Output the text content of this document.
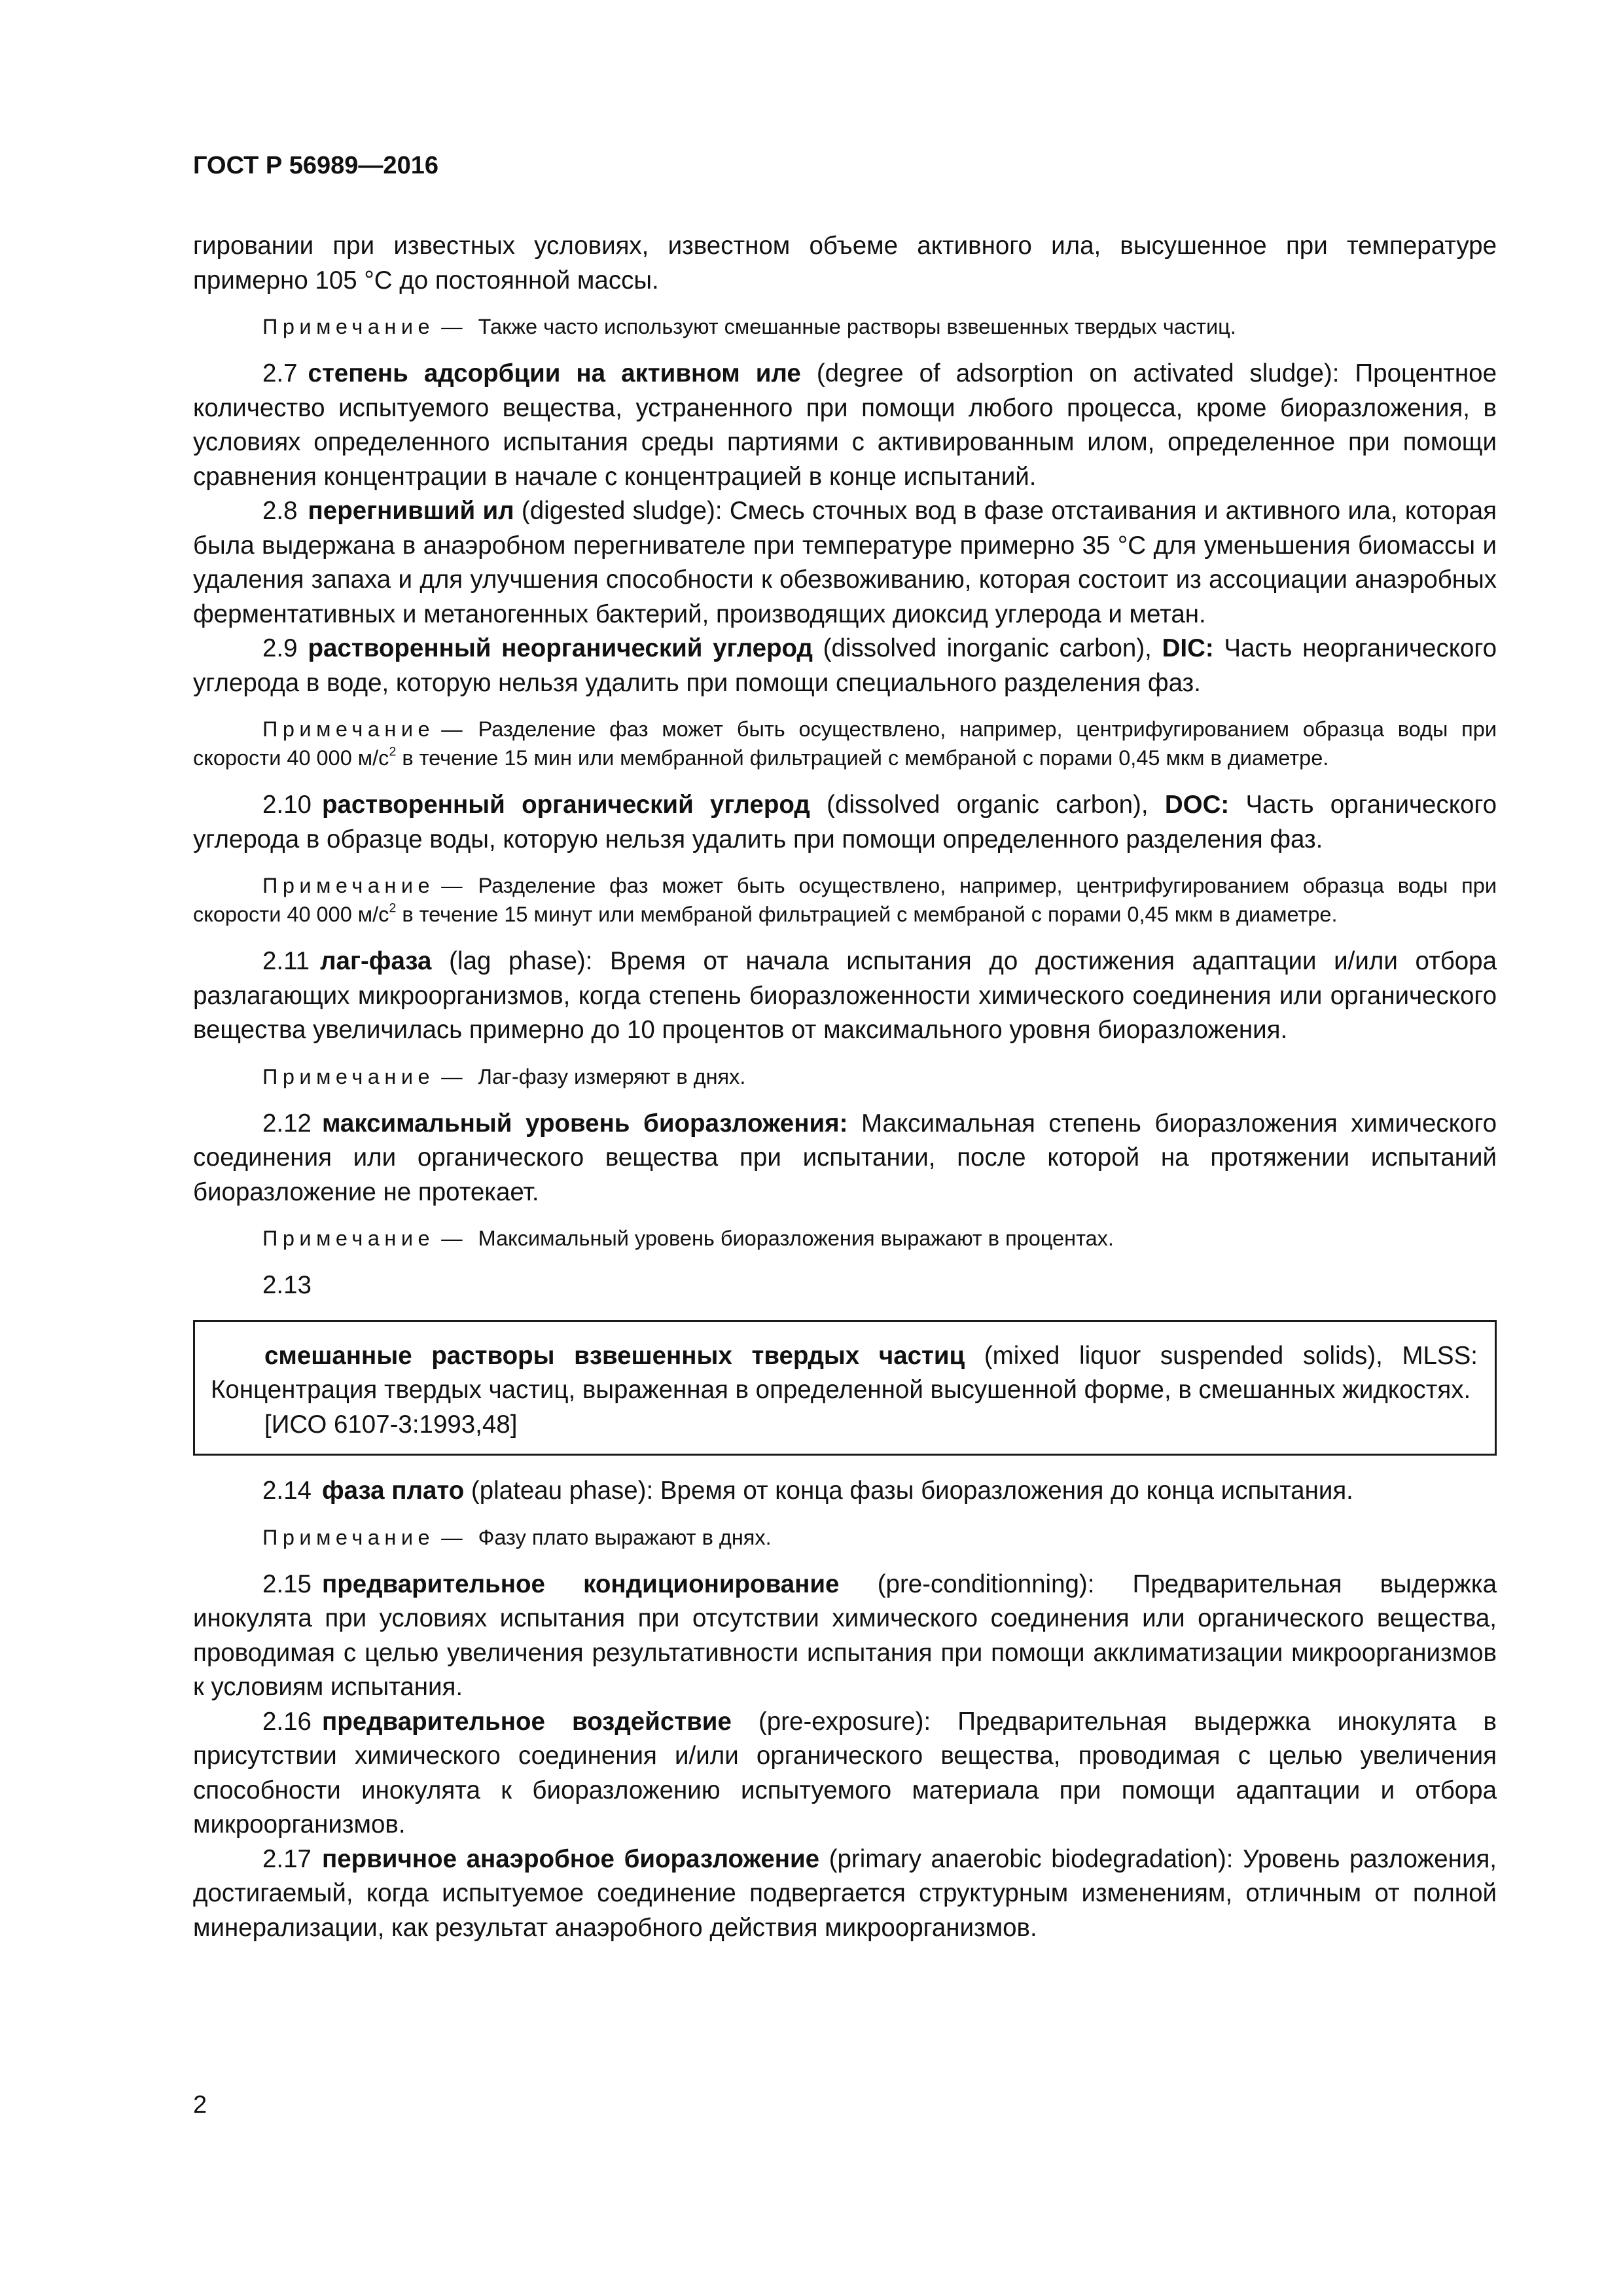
ГОСТ Р 56989—2016

гировании при известных условиях, известном объеме активного ила, высушенное при температуре примерно 105 °С до постоянной массы.

Примечание — Также часто используют смешанные растворы взвешенных твердых частиц.

2.7 степень адсорбции на активном иле (degree of adsorption on activated sludge): Процентное количество испытуемого вещества, устраненного при помощи любого процесса, кроме биоразложения, в условиях определенного испытания среды партиями с активированным илом, определенное при помощи сравнения концентрации в начале с концентрацией в конце испытаний.

2.8 перегнивший ил (digested sludge): Смесь сточных вод в фазе отстаивания и активного ила, которая была выдержана в анаэробном перегнивателе при температуре примерно 35 °С для уменьшения биомассы и удаления запаха и для улучшения способности к обезвоживанию, которая состоит из ассоциации анаэробных ферментативных и метаногенных бактерий, производящих диоксид углерода и метан.

2.9 растворенный неорганический углерод (dissolved inorganic carbon), DIC: Часть неорганического углерода в воде, которую нельзя удалить при помощи специального разделения фаз.

Примечание — Разделение фаз может быть осуществлено, например, центрифугированием образца воды при скорости 40 000 $м/с^2$ в течение 15 мин или мембранной фильтрацией с мембраной с порами 0,45 мкм в диаметре.

2.10 растворенный органический углерод (dissolved organic carbon), DOC: Часть органического углерода в образце воды, которую нельзя удалить при помощи определенного разделения фаз.

Примечание — Разделение фаз может быть осуществлено, например, центрифугированием образца воды при скорости 40 000 $м/с^2$ в течение 15 минут или мембраной фильтрацией с мембраной с порами 0,45 мкм в диаметре.

2.11 лаг-фаза (lag phase): Время от начала испытания до достижения адаптации и/или отбора разлагающих микроорганизмов, когда степень биоразложенности химического соединения или органического вещества увеличилась примерно до 10 процентов от максимального уровня биоразложения.

Примечание — Лаг-фазу измеряют в днях.

2.12 максимальный уровень биоразложения: Максимальная степень биоразложения химического соединения или органического вещества при испытании, после которой на протяжении испытаний биоразложение не протекает.

Примечание — Максимальный уровень биоразложения выражают в процентах.

2.13

смешанные растворы взвешенных твердых частиц (mixed liquor suspended solids), MLSS: Концентрация твердых частиц, выраженная в определенной высушенной форме, в смешанных жидкостях.

[ИСО 6107-3:1993,48]

2.14 фаза плато (plateau phase): Время от конца фазы биоразложения до конца испытания.

Примечание — Фазу плато выражают в днях.

2.15 предварительное кондиционирование (pre-conditionning): Предварительная выдержка инокулята при условиях испытания при отсутствии химического соединения или органического вещества, проводимая с целью увеличения результативности испытания при помощи акклиматизации микроорганизмов к условиям испытания.

2.16 предварительное воздействие (pre-exposure): Предварительная выдержка инокулята в присутствии химического соединения и/или органического вещества, проводимая с целью увеличения способности инокулята к биоразложению испытуемого материала при помощи адаптации и отбора микроорганизмов.

2.17 первичное анаэробное биоразложение (primary anaerobic biodegradation): Уровень разложения, достигаемый, когда испытуемое соединение подвергается структурным изменениям, отличным от полной минерализации, как результат анаэробного действия микроорганизмов.

2
